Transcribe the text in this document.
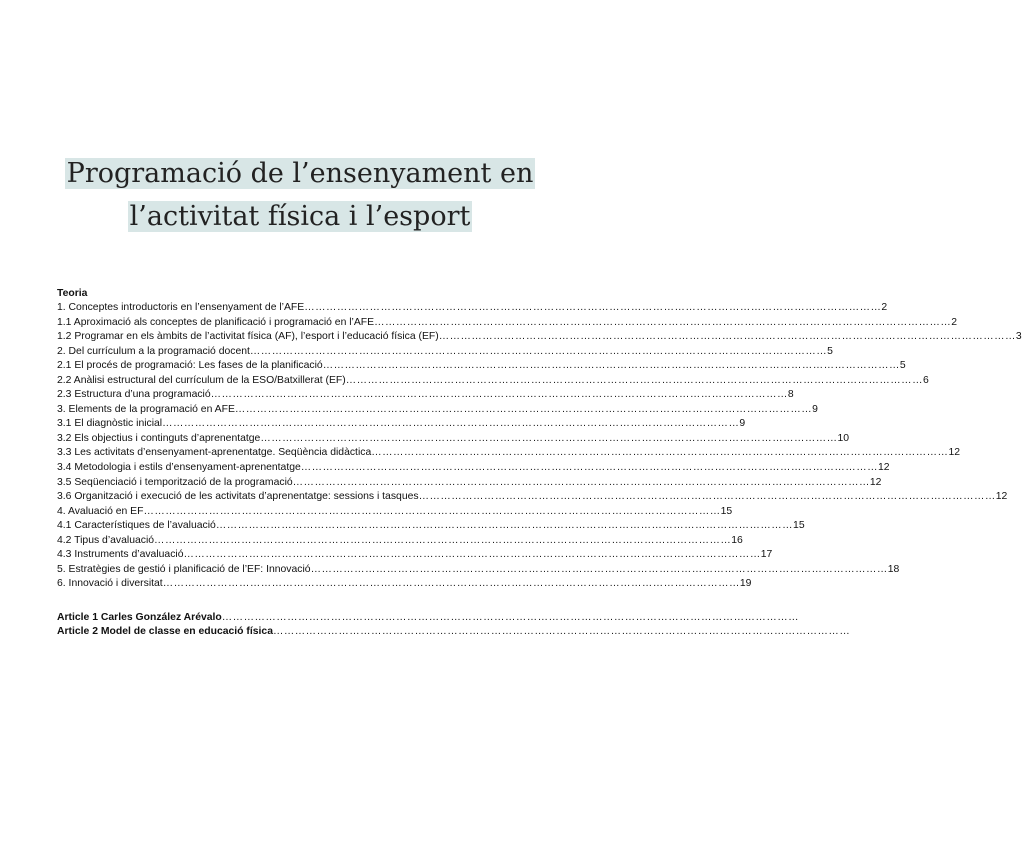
Programació de l’ensenyament en
l’activitat física i l’esport
Teoria
1. Conceptes introductoris en l’ensenyament de l’AFE …………………………………………………………………………………………………………………………………………… 2
1.1 Aproximació als conceptes de planificació i programació en l’AFE …………………………………………………………………………………………………………………………………………… 2
1.2 Programar en els àmbits de l’activitat física (AF), l’esport i l’educació física (EF) …………………………………………………………………………………………………………………………………………… 3
2. Del currículum a la programació docent …………………………………………………………………………………………………………………………………………… 5
2.1 El procés de programació: Les fases de la planificació …………………………………………………………………………………………………………………………………………… 5
2.2 Anàlisi estructural del currículum de la ESO/Batxillerat (EF) …………………………………………………………………………………………………………………………………………… 6
2.3 Estructura d’una programació …………………………………………………………………………………………………………………………………………… 8
3. Elements de la programació en AFE …………………………………………………………………………………………………………………………………………… 9
3.1 El diagnòstic inicial …………………………………………………………………………………………………………………………………………… 9
3.2 Els objectius i continguts d’aprenentatge …………………………………………………………………………………………………………………………………………… 10
3.3 Les activitats d’ensenyament-aprenentatge. Seqüència didàctica …………………………………………………………………………………………………………………………………………… 12
3.4 Metodologia i estils d’ensenyament-aprenentatge …………………………………………………………………………………………………………………………………………… 12
3.5 Seqüenciació i temporització de la programació …………………………………………………………………………………………………………………………………………… 12
3.6 Organització i execució de les activitats d’aprenentatge: sessions i tasques …………………………………………………………………………………………………………………………………………… 12
4. Avaluació en EF …………………………………………………………………………………………………………………………………………… 15
4.1 Característiques de l’avaluació …………………………………………………………………………………………………………………………………………… 15
4.2 Tipus d’avaluació …………………………………………………………………………………………………………………………………………… 16
4.3 Instruments d’avaluació …………………………………………………………………………………………………………………………………………… 17
5. Estratègies de gestió i planificació de l’EF: Innovació …………………………………………………………………………………………………………………………………………… 18
6. Innovació i diversitat …………………………………………………………………………………………………………………………………………… 19
Article 1 Carles González Arévalo ……………………………………………………………………………………………………………………………………………
Article 2 Model de classe en educació física ……………………………………………………………………………………………………………………………………………
